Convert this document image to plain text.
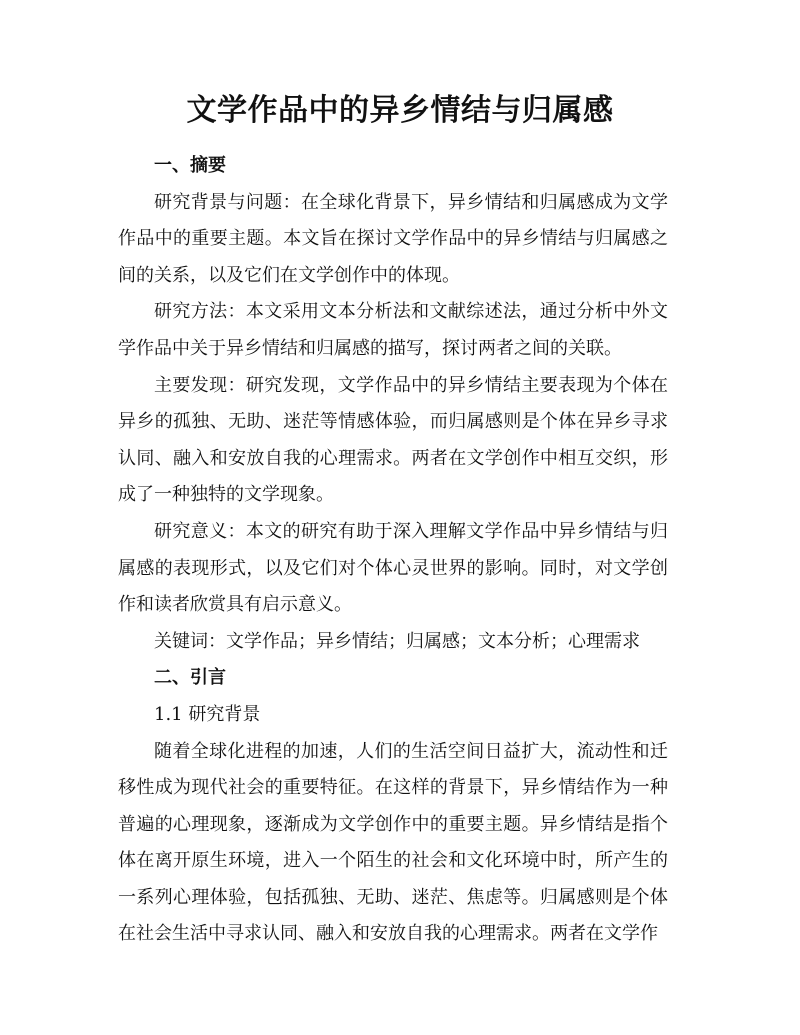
文学作品中的异乡情结与归属感

一、摘要

研究背景与问题：在全球化背景下，异乡情结和归属感成为文学作品中的重要主题。本文旨在探讨文学作品中的异乡情结与归属感之间的关系，以及它们在文学创作中的体现。

研究方法：本文采用文本分析法和文献综述法，通过分析中外文学作品中关于异乡情结和归属感的描写，探讨两者之间的关联。

主要发现：研究发现，文学作品中的异乡情结主要表现为个体在异乡的孤独、无助、迷茫等情感体验，而归属感则是个体在异乡寻求认同、融入和安放自我的心理需求。两者在文学创作中相互交织，形成了一种独特的文学现象。

研究意义：本文的研究有助于深入理解文学作品中异乡情结与归属感的表现形式，以及它们对个体心灵世界的影响。同时，对文学创作和读者欣赏具有启示意义。

关键词：文学作品；异乡情结；归属感；文本分析；心理需求

二、引言

1.1 研究背景

随着全球化进程的加速，人们的生活空间日益扩大，流动性和迁移性成为现代社会的重要特征。在这样的背景下，异乡情结作为一种普遍的心理现象，逐渐成为文学创作中的重要主题。异乡情结是指个体在离开原生环境，进入一个陌生的社会和文化环境中时，所产生的一系列心理体验，包括孤独、无助、迷茫、焦虑等。归属感则是个体在社会生活中寻求认同、融入和安放自我的心理需求。两者在文学作
